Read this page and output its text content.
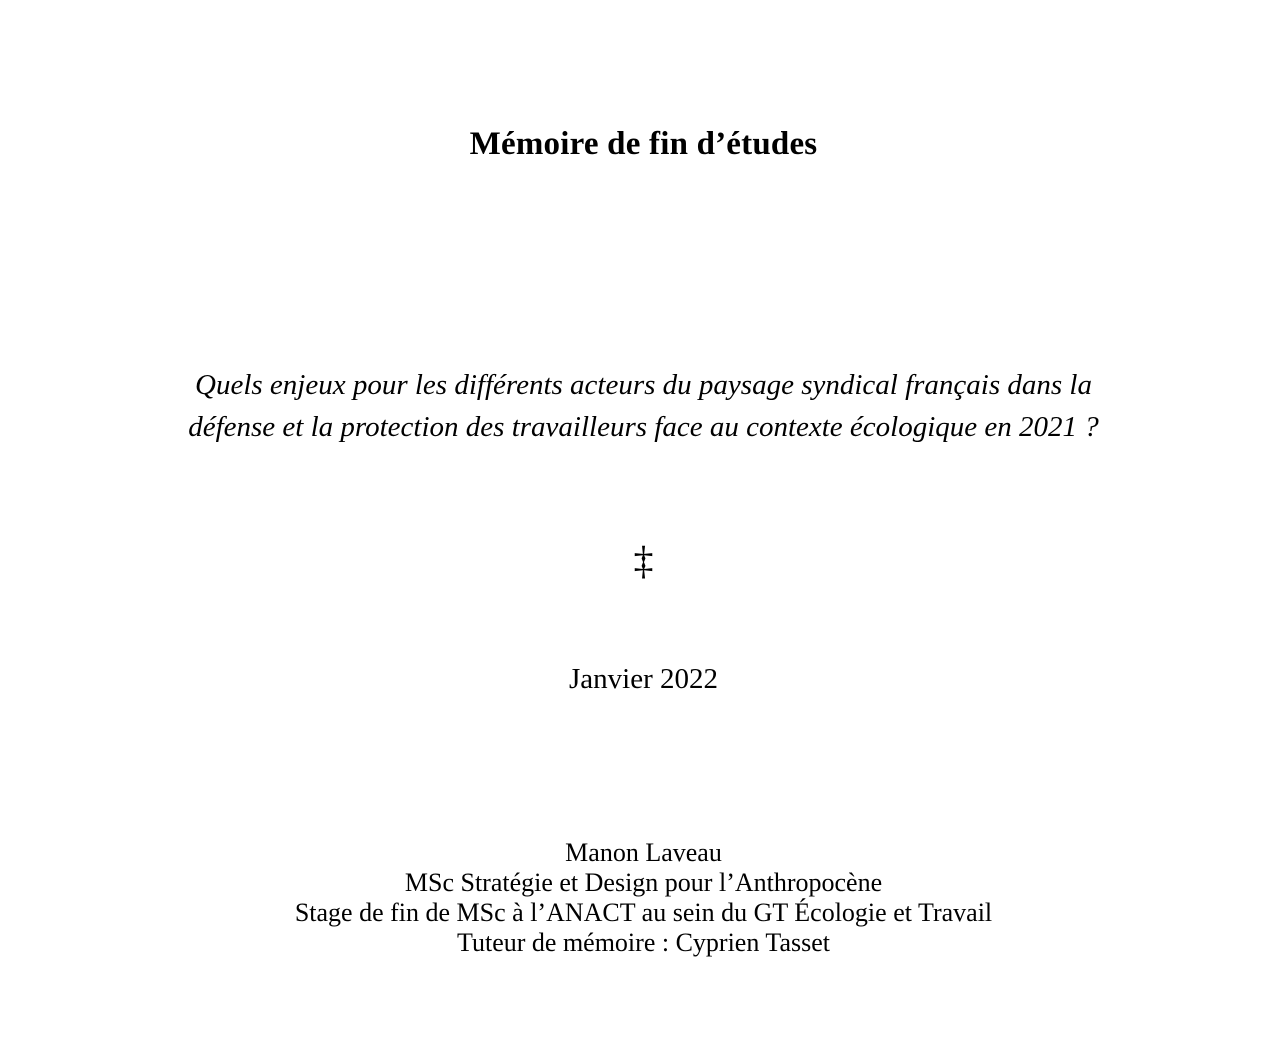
Mémoire de fin d’études
Quels enjeux pour les différents acteurs du paysage syndical français dans la
défense et la protection des travailleurs face au contexte écologique en 2021 ?
‡
Janvier 2022
Manon Laveau
MSc Stratégie et Design pour l’Anthropocène
Stage de fin de MSc à l’ANACT au sein du GT Écologie et Travail
Tuteur de mémoire : Cyprien Tasset
